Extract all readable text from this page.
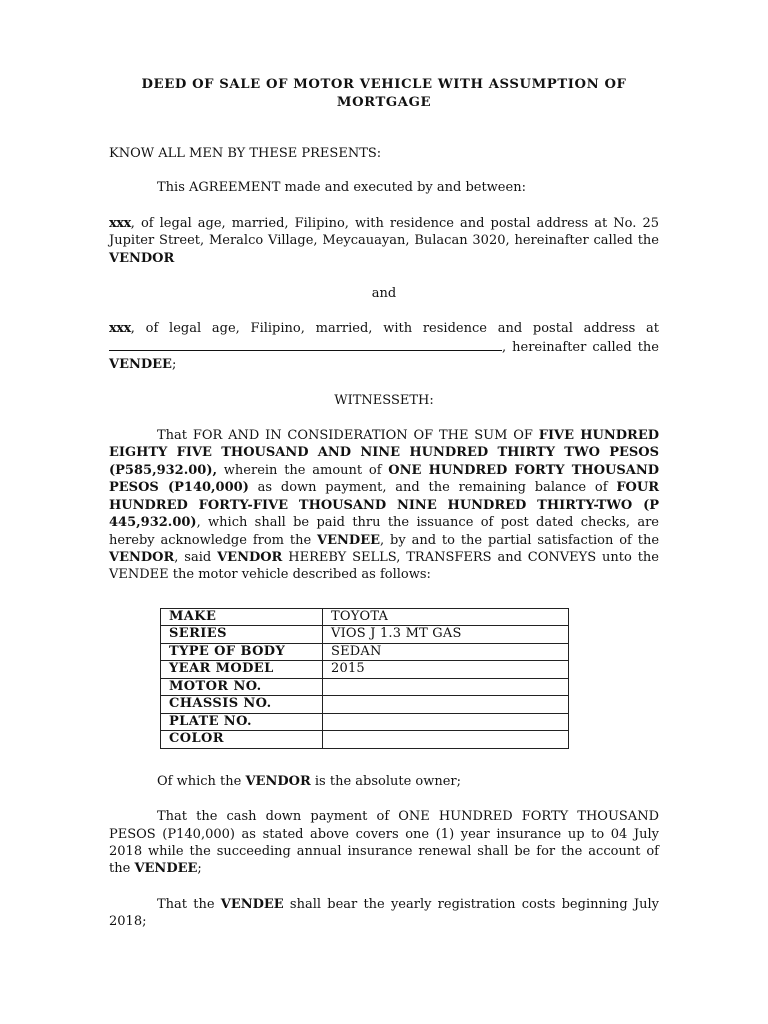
DEED OF SALE OF MOTOR VEHICLE WITH ASSUMPTION OF MORTGAGE

KNOW ALL MEN BY THESE PRESENTS:

This AGREEMENT made and executed by and between:

xxx, of legal age, married, Filipino, with residence and postal address at No. 25 Jupiter Street, Meralco Village, Meycauayan, Bulacan 3020, hereinafter called the VENDOR

and

xxx, of legal age, Filipino, married, with residence and postal address at , hereinafter called the VENDEE;

WITNESSETH:

That FOR AND IN CONSIDERATION OF THE SUM OF FIVE HUNDRED EIGHTY FIVE THOUSAND AND NINE HUNDRED THIRTY TWO PESOS (P585,932.00), wherein the amount of ONE HUNDRED FORTY THOUSAND PESOS (P140,000) as down payment, and the remaining balance of FOUR HUNDRED FORTY-FIVE THOUSAND NINE HUNDRED THIRTY-TWO (P 445,932.00), which shall be paid thru the issuance of post dated checks, are hereby acknowledge from the VENDEE, by and to the partial satisfaction of the VENDOR, said VENDOR HEREBY SELLS, TRANSFERS and CONVEYS unto the VENDEE the motor vehicle described as follows:

MAKE	TOYOTA
SERIES	VIOS J 1.3 MT GAS
TYPE OF BODY	SEDAN
YEAR MODEL	2015
MOTOR NO.	
CHASSIS NO.	
PLATE NO.	
COLOR	

Of which the VENDOR is the absolute owner;

That the cash down payment of ONE HUNDRED FORTY THOUSAND PESOS (P140,000) as stated above covers one (1) year insurance up to 04 July 2018 while the succeeding annual insurance renewal shall be for the account of the VENDEE;

That the VENDEE shall bear the yearly registration costs beginning July 2018;
